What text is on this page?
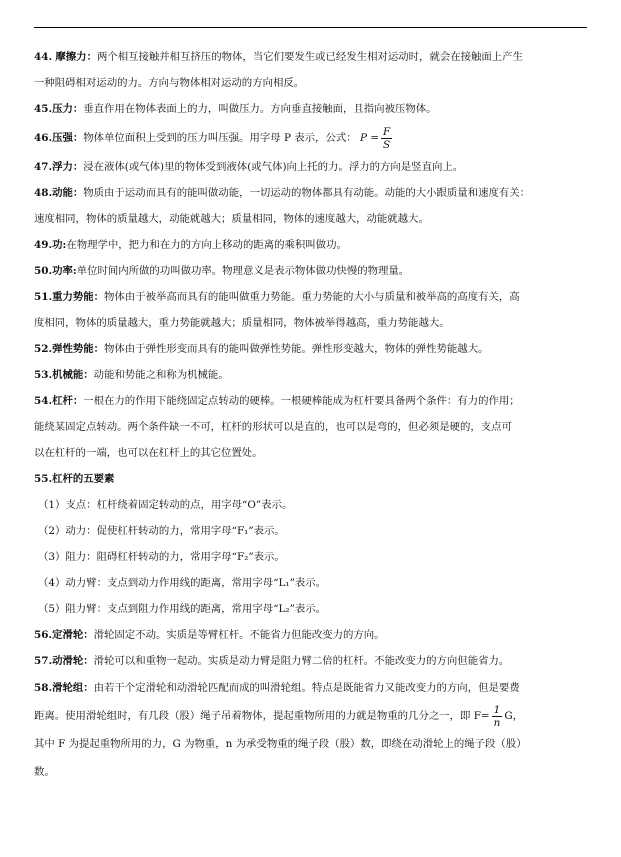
44. 摩擦力：两个相互接触并相互挤压的物体，当它们要发生或已经发生相对运动时，就会在接触面上产生
一种阻碍相对运动的力。方向与物体相对运动的方向相反。

45.压力：垂直作用在物体表面上的力，叫做压力。方向垂直接触面，且指向被压物体。

46.压强：物体单位面积上受到的压力叫压强。用字母 P 表示，公式： $P = \frac{F}{S}$

47.浮力：浸在液体(或气体)里的物体受到液体(或气体)向上托的力。浮力的方向是竖直向上。

48.动能：物质由于运动而具有的能叫做动能，一切运动的物体都具有动能。动能的大小跟质量和速度有关：
速度相同，物体的质量越大，动能就越大；质量相同，物体的速度越大，动能就越大。

49.功:在物理学中，把力和在力的方向上移动的距离的乘积叫做功。

50.功率:单位时间内所做的功叫做功率。物理意义是表示物体做功快慢的物理量。

51.重力势能：物体由于被举高而具有的能叫做重力势能。重力势能的大小与质量和被举高的高度有关，高
度相同，物体的质量越大，重力势能就越大；质量相同，物体被举得越高，重力势能越大。

52.弹性势能：物体由于弹性形变而具有的能叫做弹性势能。弹性形变越大，物体的弹性势能越大。

53.机械能：动能和势能之和称为机械能。

54.杠杆：一根在力的作用下能绕固定点转动的硬棒。一根硬棒能成为杠杆要具备两个条件：有力的作用；
能绕某固定点转动。两个条件缺一不可，杠杆的形状可以是直的，也可以是弯的，但必须是硬的，支点可
以在杠杆的一端，也可以在杠杆上的其它位置处。

55.杠杆的五要素

（1）支点：杠杆绕着固定转动的点，用字母“O”表示。

（2）动力：促使杠杆转动的力，常用字母“F₁”表示。

（3）阻力：阻碍杠杆转动的力，常用字母“F₂”表示。

（4）动力臂：支点到动力作用线的距离，常用字母“L₁”表示。

（5）阻力臂：支点到阻力作用线的距离，常用字母“L₂”表示。

56.定滑轮：滑轮固定不动。实质是等臂杠杆。不能省力但能改变力的方向。

57.动滑轮：滑轮可以和重物一起动。实质是动力臂是阻力臂二倍的杠杆。不能改变力的方向但能省力。

58.滑轮组：由若干个定滑轮和动滑轮匹配而成的叫滑轮组。特点是既能省力又能改变力的方向，但是要费
距离。使用滑轮组时，有几段（股）绳子吊着物体，提起重物所用的力就是物重的几分之一，即 $F= \frac{1}{n}$ G，
其中 F 为提起重物所用的力，G 为物重，n 为承受物重的绳子段（股）数，即绕在动滑轮上的绳子段（股）
数。
